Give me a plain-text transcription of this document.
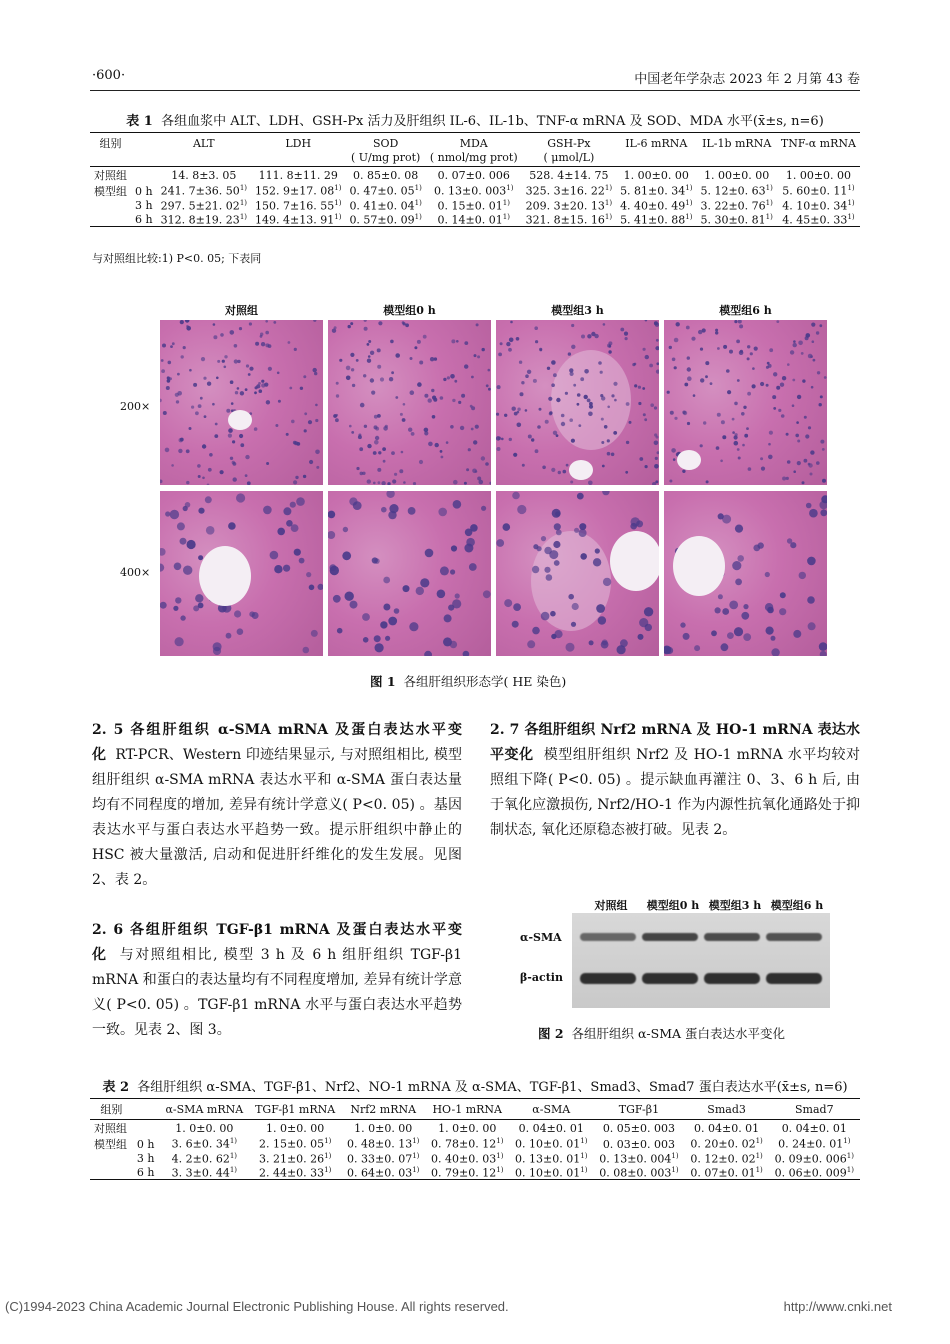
·600·	中国老年学杂志 2023 年 2 月第 43 卷
表 1 各组血浆中 ALT、LDH、GSH-Px 活力及肝组织 IL-6、IL-1b、TNF-α mRNA 及 SOD、MDA 水平(x̄±s, n=6)
组别		ALT	LDH	SOD	MDA	GSH-Px	IL-6 mRNA	IL-1b mRNA	TNF-α mRNA
				( U/mg prot)	( nmol/mg prot)	( μmol/L)			
对照组		14. 8±3. 05	111. 8±11. 29	0. 85±0. 08	0. 07±0. 006	528. 4±14. 75	1. 00±0. 00	1. 00±0. 00	1. 00±0. 00
模型组	0 h	241. 7±36. 50$^{1)}$	152. 9±17. 08$^{1)}$	0. 47±0. 05$^{1)}$	0. 13±0. 003$^{1)}$	325. 3±16. 22$^{1)}$	5. 81±0. 34$^{1)}$	5. 12±0. 63$^{1)}$	5. 60±0. 11$^{1)}$
	3 h	297. 5±21. 02$^{1)}$	150. 7±16. 55$^{1)}$	0. 41±0. 04$^{1)}$	0. 15±0. 01$^{1)}$	209. 3±20. 13$^{1)}$	4. 40±0. 49$^{1)}$	3. 22±0. 76$^{1)}$	4. 10±0. 34$^{1)}$
	6 h	312. 8±19. 23$^{1)}$	149. 4±13. 91$^{1)}$	0. 57±0. 09$^{1)}$	0. 14±0. 01$^{1)}$	321. 8±15. 16$^{1)}$	5. 41±0. 88$^{1)}$	5. 30±0. 81$^{1)}$	4. 45±0. 33$^{1)}$
与对照组比较:1) P<0. 05; 下表同
对照组	模型组0 h	模型组3 h	模型组6 h
200×
400×
图 1 各组肝组织形态学( HE 染色)
2. 5 各组肝组织 α-SMA mRNA 及蛋白表达水平变化 RT-PCR、Western 印迹结果显示, 与对照组相比, 模型组肝组织 α-SMA mRNA 表达水平和 α-SMA 蛋白表达量均有不同程度的增加, 差异有统计学意义( P<0. 05) 。基因表达水平与蛋白表达水平趋势一致。提示肝组织中静止的 HSC 被大量激活, 启动和促进肝纤维化的发生发展。见图 2、表 2。
2. 6 各组肝组织 TGF-β1 mRNA 及蛋白表达水平变化 与对照组相比, 模型 3 h 及 6 h 组肝组织 TGF-β1 mRNA 和蛋白的表达量均有不同程度增加, 差异有统计学意义( P<0. 05) 。TGF-β1 mRNA 水平与蛋白表达水平趋势一致。见表 2、图 3。
2. 7 各组肝组织 Nrf2 mRNA 及 HO-1 mRNA 表达水平变化 模型组肝组织 Nrf2 及 HO-1 mRNA 水平均较对照组下降( P<0. 05) 。提示缺血再灌注 0、3、6 h 后, 由于氧化应激损伤, Nrf2/HO-1 作为内源性抗氧化通路处于抑制状态, 氧化还原稳态被打破。见表 2。
对照组	模型组0 h 模型组3 h 模型组6 h
α-SMA
β-actin
图 2 各组肝组织 α-SMA 蛋白表达水平变化
表 2 各组肝组织 α-SMA、TGF-β1、Nrf2、NO-1 mRNA 及 α-SMA、TGF-β1、Smad3、Smad7 蛋白表达水平(x̄±s, n=6)
组别		α-SMA mRNA	TGF-β1 mRNA	Nrf2 mRNA	HO-1 mRNA	α-SMA	TGF-β1	Smad3	Smad7
对照组		1. 0±0. 00	1. 0±0. 00	1. 0±0. 00	1. 0±0. 00	0. 04±0. 01	0. 05±0. 003	0. 04±0. 01	0. 04±0. 01
模型组	0 h	3. 6±0. 34$^{1)}$	2. 15±0. 05$^{1)}$	0. 48±0. 13$^{1)}$	0. 78±0. 12$^{1)}$	0. 10±0. 01$^{1)}$	0. 03±0. 003	0. 20±0. 02$^{1)}$	0. 24±0. 01$^{1)}$
	3 h	4. 2±0. 62$^{1)}$	3. 21±0. 26$^{1)}$	0. 33±0. 07$^{1)}$	0. 40±0. 03$^{1)}$	0. 13±0. 01$^{1)}$	0. 13±0. 004$^{1)}$	0. 12±0. 02$^{1)}$	0. 09±0. 006$^{1)}$
	6 h	3. 3±0. 44$^{1)}$	2. 44±0. 33$^{1)}$	0. 64±0. 03$^{1)}$	0. 79±0. 12$^{1)}$	0. 10±0. 01$^{1)}$	0. 08±0. 003$^{1)}$	0. 07±0. 01$^{1)}$	0. 06±0. 009$^{1)}$
(C)1994-2023 China Academic Journal Electronic Publishing House. All rights reserved.	http://www.cnki.net
